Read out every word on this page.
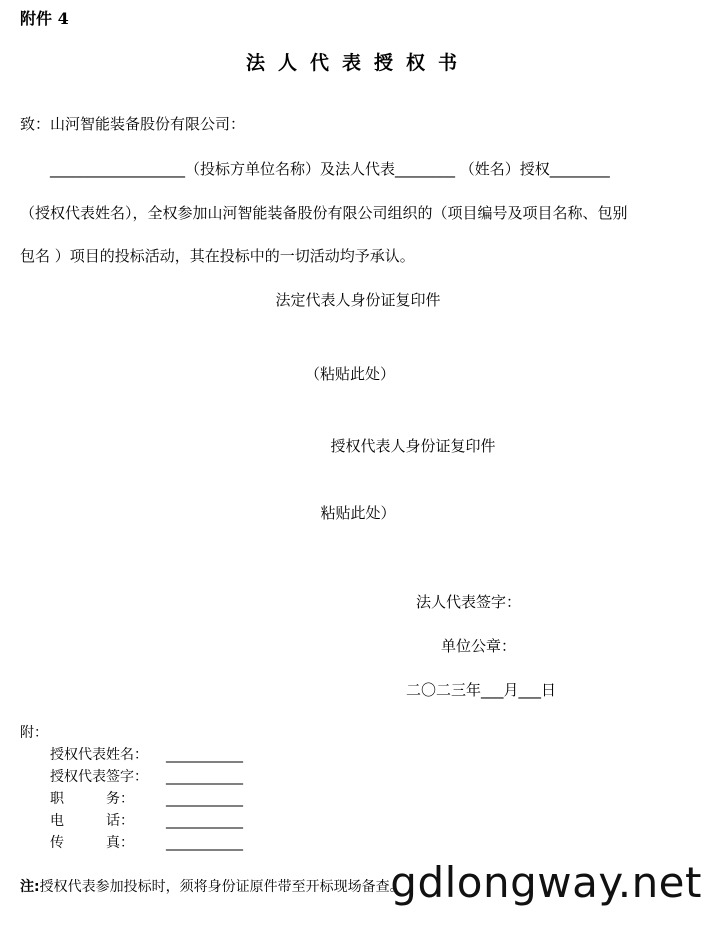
附件 4
法人代表授权书
致：山河智能装备股份有限公司：
__________________（投标方单位名称）及法人代表________ （姓名）授权________
（授权代表姓名），全权参加山河智能装备股份有限公司组织的（项目编号及项目名称、包别
包名 ）项目的投标活动，其在投标中的一切活动均予承认。
法定代表人身份证复印件
（粘贴此处）
授权代表人身份证复印件
粘贴此处）
法人代表签字：
单位公章：
二〇二三年___月___日
附：
授权代表姓名： ___________
授权代表签字： ___________
职　　　务： ___________
电　　　话： ___________
传　　　真： ___________
注:授权代表参加投标时，须将身份证原件带至开标现场备查。
gdlongway.net
